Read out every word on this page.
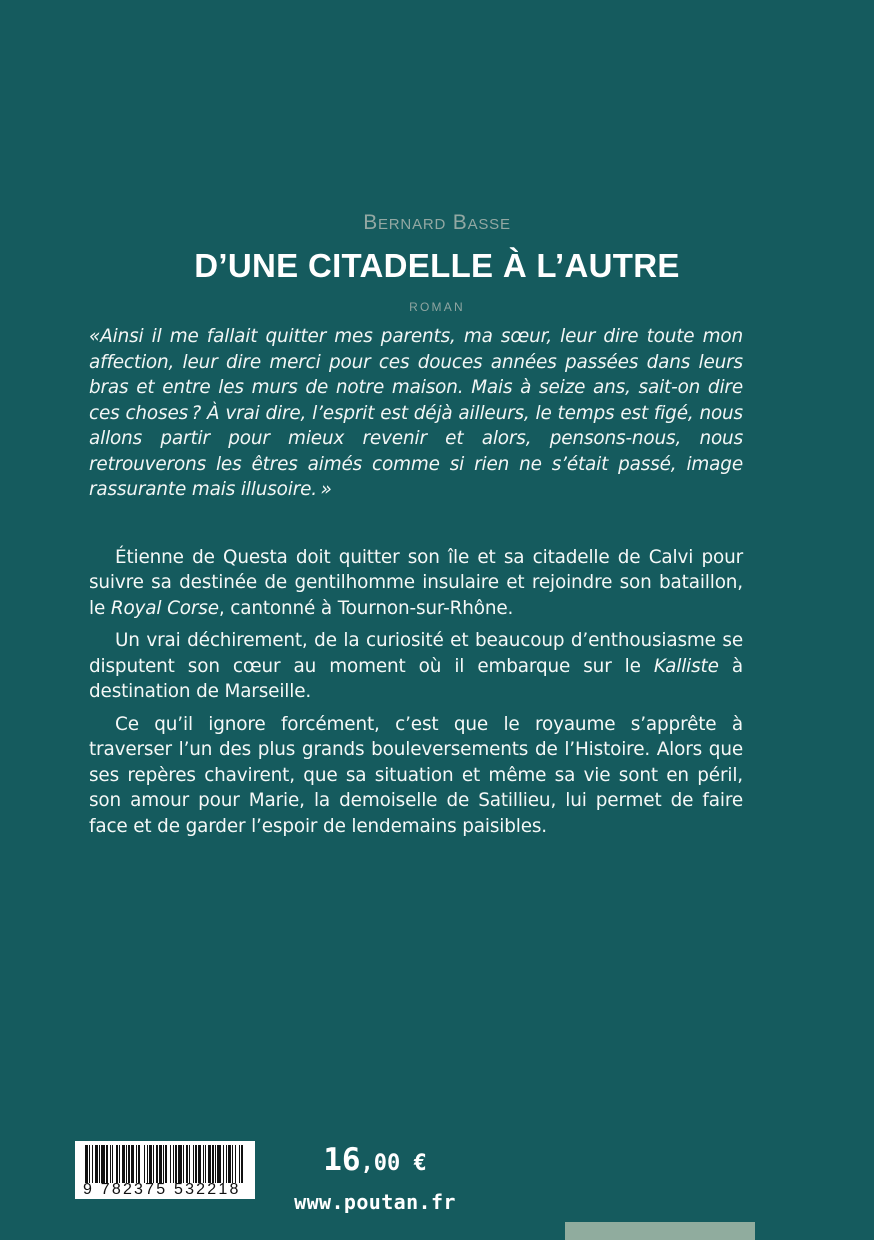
Bernard Basse
D’UNE CITADELLE À L’AUTRE
ROMAN

«Ainsi il me fallait quitter mes parents, ma sœur, leur dire toute mon affection, leur dire merci pour ces douces années passées dans leurs bras et entre les murs de notre maison. Mais à seize ans, sait-on dire ces choses ? À vrai dire, l’esprit est déjà ailleurs, le temps est figé, nous allons partir pour mieux revenir et alors, pensons-nous, nous retrouverons les êtres aimés comme si rien ne s’était passé, image rassurante mais illusoire. »

Étienne de Questa doit quitter son île et sa citadelle de Calvi pour suivre sa destinée de gentilhomme insulaire et rejoindre son bataillon, le Royal Corse, cantonné à Tournon-sur-Rhône.

Un vrai déchirement, de la curiosité et beaucoup d’enthousiasme se disputent son cœur au moment où il embarque sur le Kalliste à destination de Marseille.

Ce qu’il ignore forcément, c’est que le royaume s’apprête à traverser l’un des plus grands bouleversements de l’Histoire. Alors que ses repères chavirent, que sa situation et même sa vie sont en péril, son amour pour Marie, la demoiselle de Satillieu, lui permet de faire face et de garder l’espoir de lendemains paisibles.

9 782375 532218
16,00 €
www.poutan.fr
